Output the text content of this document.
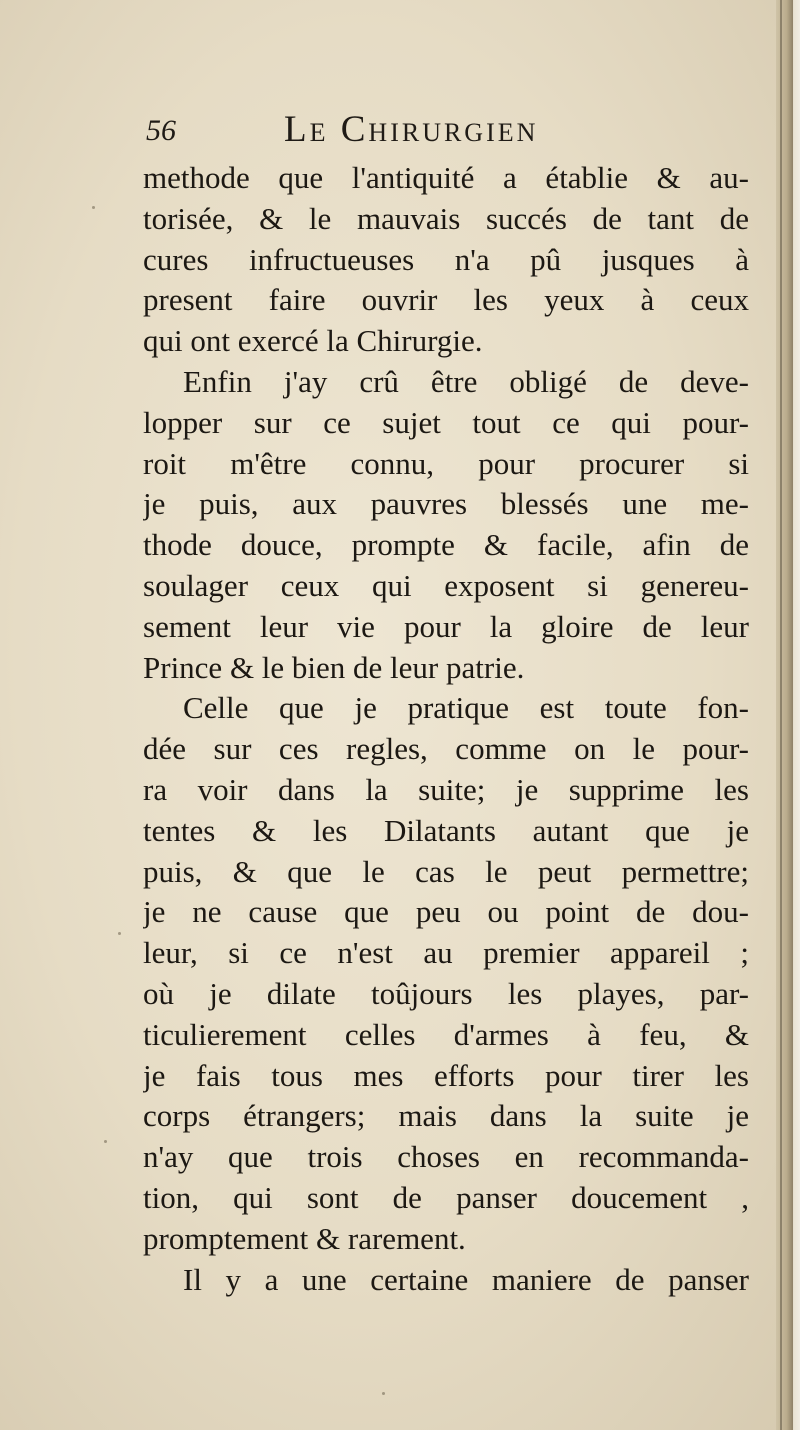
56	Le Chirurgien
methode que l'antiquité a établie & au-
torisée, & le mauvais succés de tant de
cures infructueuses n'a pû jusques à
present faire ouvrir les yeux à ceux
qui ont exercé la Chirurgie.
Enfin j'ay crû être obligé de deve-
lopper sur ce sujet tout ce qui pour-
roit m'être connu, pour procurer si
je puis, aux pauvres blessés une me-
thode douce, prompte & facile, afin de
soulager ceux qui exposent si genereu-
sement leur vie pour la gloire de leur
Prince & le bien de leur patrie.
Celle que je pratique est toute fon-
dée sur ces regles, comme on le pour-
ra voir dans la suite; je supprime les
tentes & les Dilatants autant que je
puis, & que le cas le peut permettre;
je ne cause que peu ou point de dou-
leur, si ce n'est au premier appareil ;
où je dilate toûjours les playes, par-
ticulierement celles d'armes à feu, &
je fais tous mes efforts pour tirer les
corps étrangers; mais dans la suite je
n'ay que trois choses en recommanda-
tion, qui sont de panser doucement ,
promptement & rarement.
Il y a une certaine maniere de panser
